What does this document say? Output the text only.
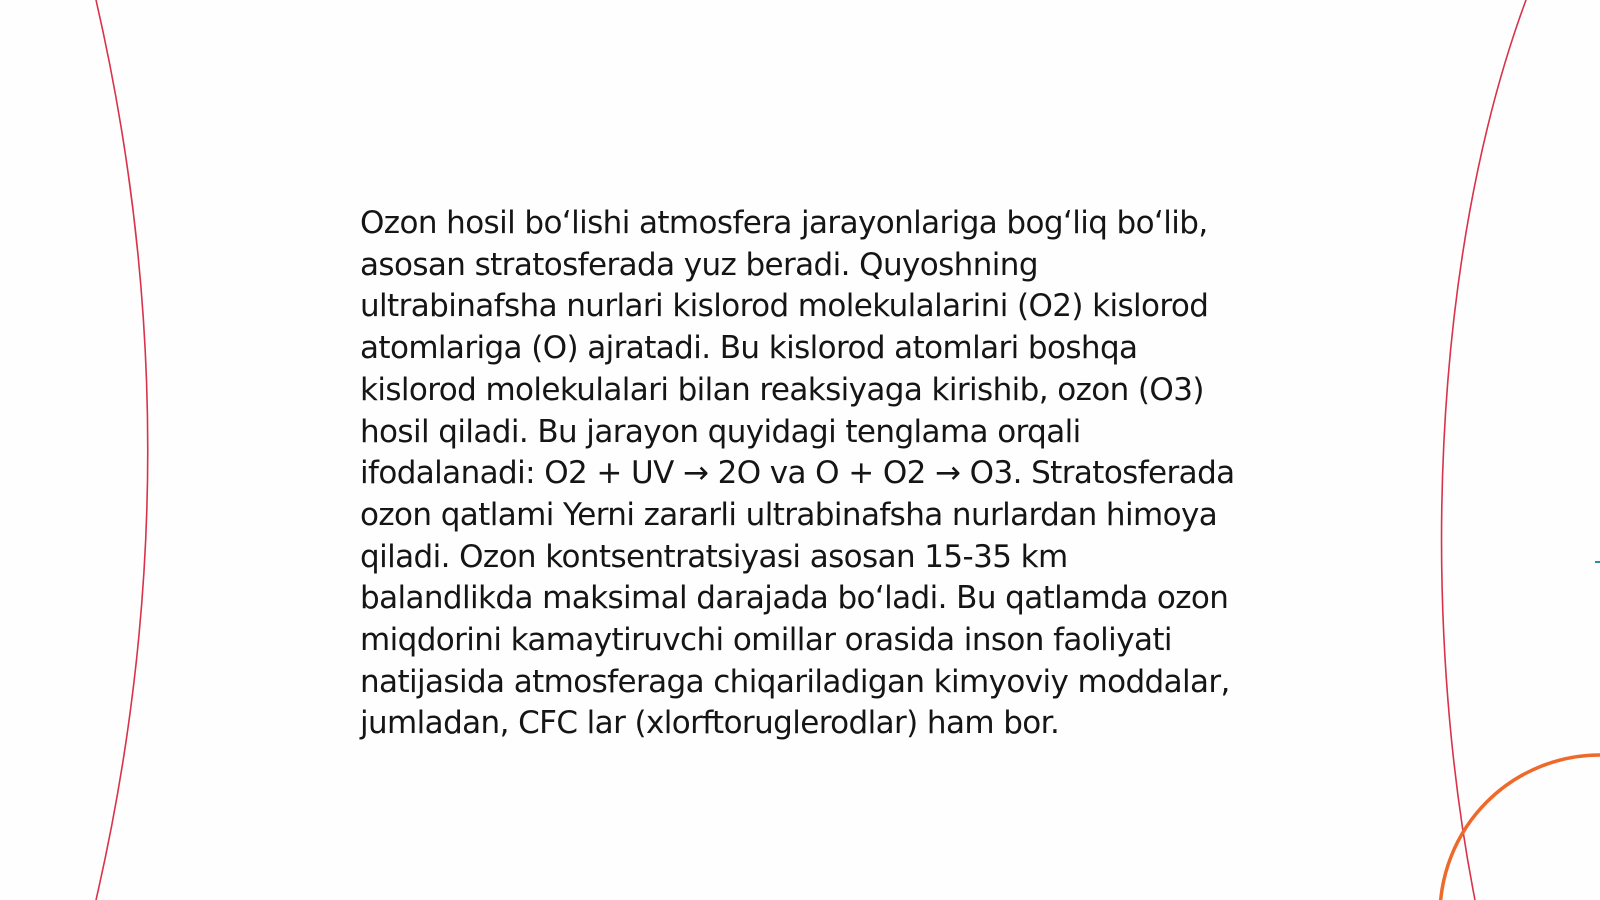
Ozon hosil bo‘lishi atmosfera jarayonlariga bog‘liq bo‘lib, asosan stratosferada yuz beradi. Quyoshning ultrabinafsha nurlari kislorod molekulalarini (O2) kislorod atomlariga (O) ajratadi. Bu kislorod atomlari boshqa kislorod molekulalari bilan reaksiyaga kirishib, ozon (O3) hosil qiladi. Bu jarayon quyidagi tenglama orqali ifodalanadi: O2 + UV → 2O va O + O2 → O3. Stratosferada ozon qatlami Yerni zararli ultrabinafsha nurlardan himoya qiladi. Ozon kontsentratsiyasi asosan 15-35 km balandlikda maksimal darajada bo‘ladi. Bu qatlamda ozon miqdorini kamaytiruvchi omillar orasida inson faoliyati natijasida atmosferaga chiqariladigan kimyoviy moddalar, jumladan, CFC lar (xlorftoruglerodlar) ham bor.
